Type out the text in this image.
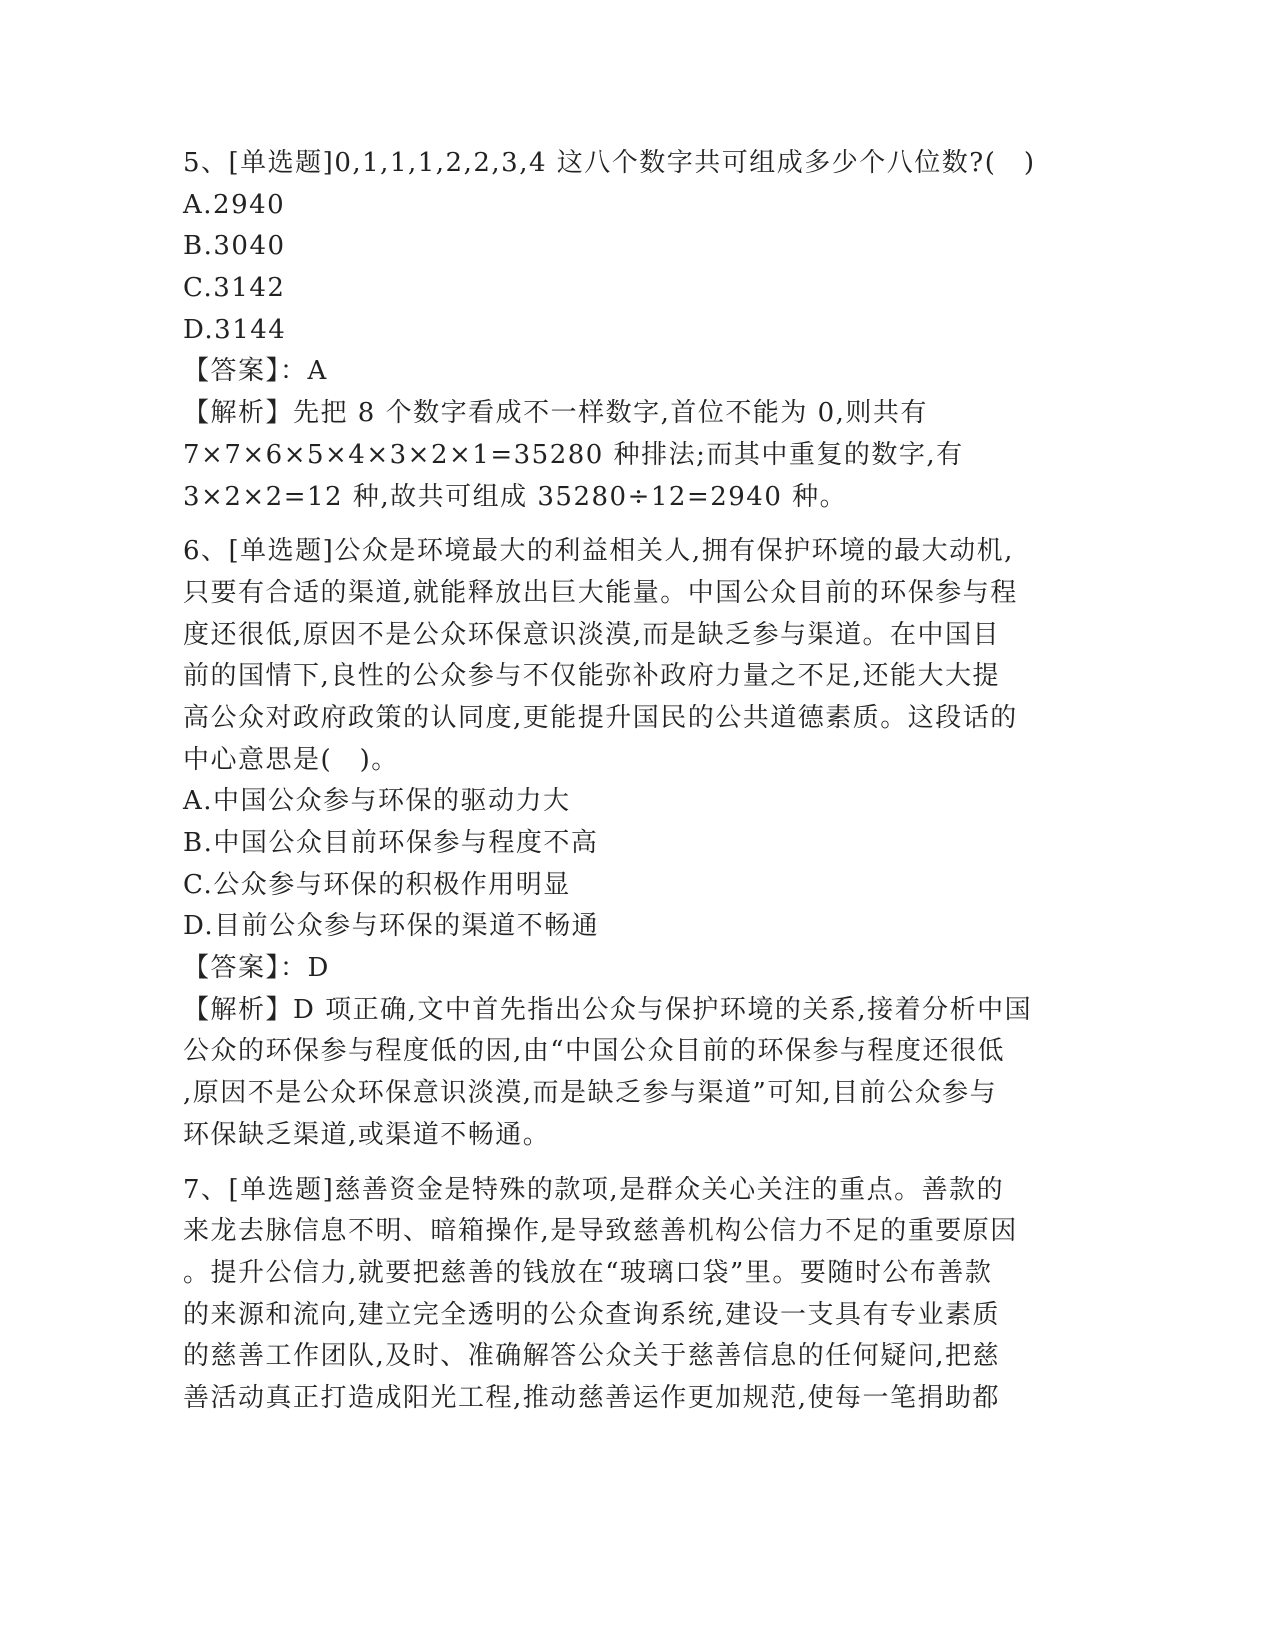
5、[单选题]0,1,1,1,2,2,3,4 这八个数字共可组成多少个八位数?(　)
A.2940
B.3040
C.3142
D.3144
【答案】：A
【解析】先把 8 个数字看成不一样数字,首位不能为 0,则共有
7×7×6×5×4×3×2×1=35280 种排法;而其中重复的数字,有
3×2×2=12 种,故共可组成 35280÷12=2940 种。
6、[单选题]公众是环境最大的利益相关人,拥有保护环境的最大动机,
只要有合适的渠道,就能释放出巨大能量。中国公众目前的环保参与程
度还很低,原因不是公众环保意识淡漠,而是缺乏参与渠道。在中国目
前的国情下,良性的公众参与不仅能弥补政府力量之不足,还能大大提
高公众对政府政策的认同度,更能提升国民的公共道德素质。这段话的
中心意思是(　)。
A.中国公众参与环保的驱动力大
B.中国公众目前环保参与程度不高
C.公众参与环保的积极作用明显
D.目前公众参与环保的渠道不畅通
【答案】：D
【解析】D 项正确,文中首先指出公众与保护环境的关系,接着分析中国
公众的环保参与程度低的因,由“中国公众目前的环保参与程度还很低
,原因不是公众环保意识淡漠,而是缺乏参与渠道”可知,目前公众参与
环保缺乏渠道,或渠道不畅通。
7、[单选题]慈善资金是特殊的款项,是群众关心关注的重点。善款的
来龙去脉信息不明、暗箱操作,是导致慈善机构公信力不足的重要原因
。提升公信力,就要把慈善的钱放在“玻璃口袋”里。要随时公布善款
的来源和流向,建立完全透明的公众查询系统,建设一支具有专业素质
的慈善工作团队,及时、准确解答公众关于慈善信息的任何疑问,把慈
善活动真正打造成阳光工程,推动慈善运作更加规范,使每一笔捐助都
